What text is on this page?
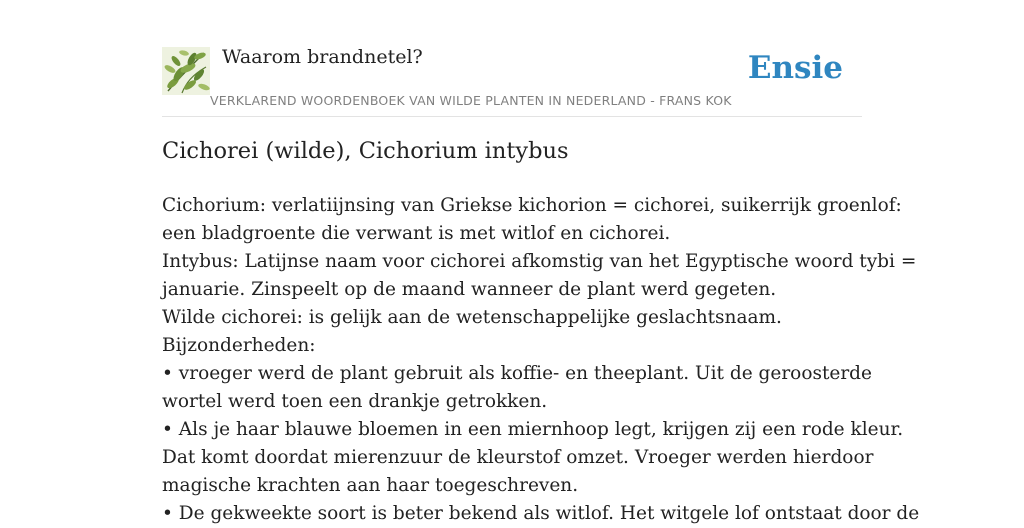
Waarom brandnetel?
VERKLAREND WOORDENBOEK VAN WILDE PLANTEN IN NEDERLAND - FRANS KOK
Ensie
Cichorei (wilde), Cichorium intybus
Cichorium: verlatiijnsing van Griekse kichorion = cichorei, suikerrijk groenlof:
een bladgroente die verwant is met witlof en cichorei.
Intybus: Latijnse naam voor cichorei afkomstig van het Egyptische woord tybi =
januarie. Zinspeelt op de maand wanneer de plant werd gegeten.
Wilde cichorei: is gelijk aan de wetenschappelijke geslachtsnaam.
Bijzonderheden:
• vroeger werd de plant gebruit als koffie- en theeplant. Uit de geroosterde
wortel werd toen een drankje getrokken.
• Als je haar blauwe bloemen in een miernhoop legt, krijgen zij een rode kleur.
Dat komt doordat mierenzuur de kleurstof omzet. Vroeger werden hierdoor
magische krachten aan haar toegeschreven.
• De gekweekte soort is beter bekend als witlof. Het witgele lof ontstaat door de
